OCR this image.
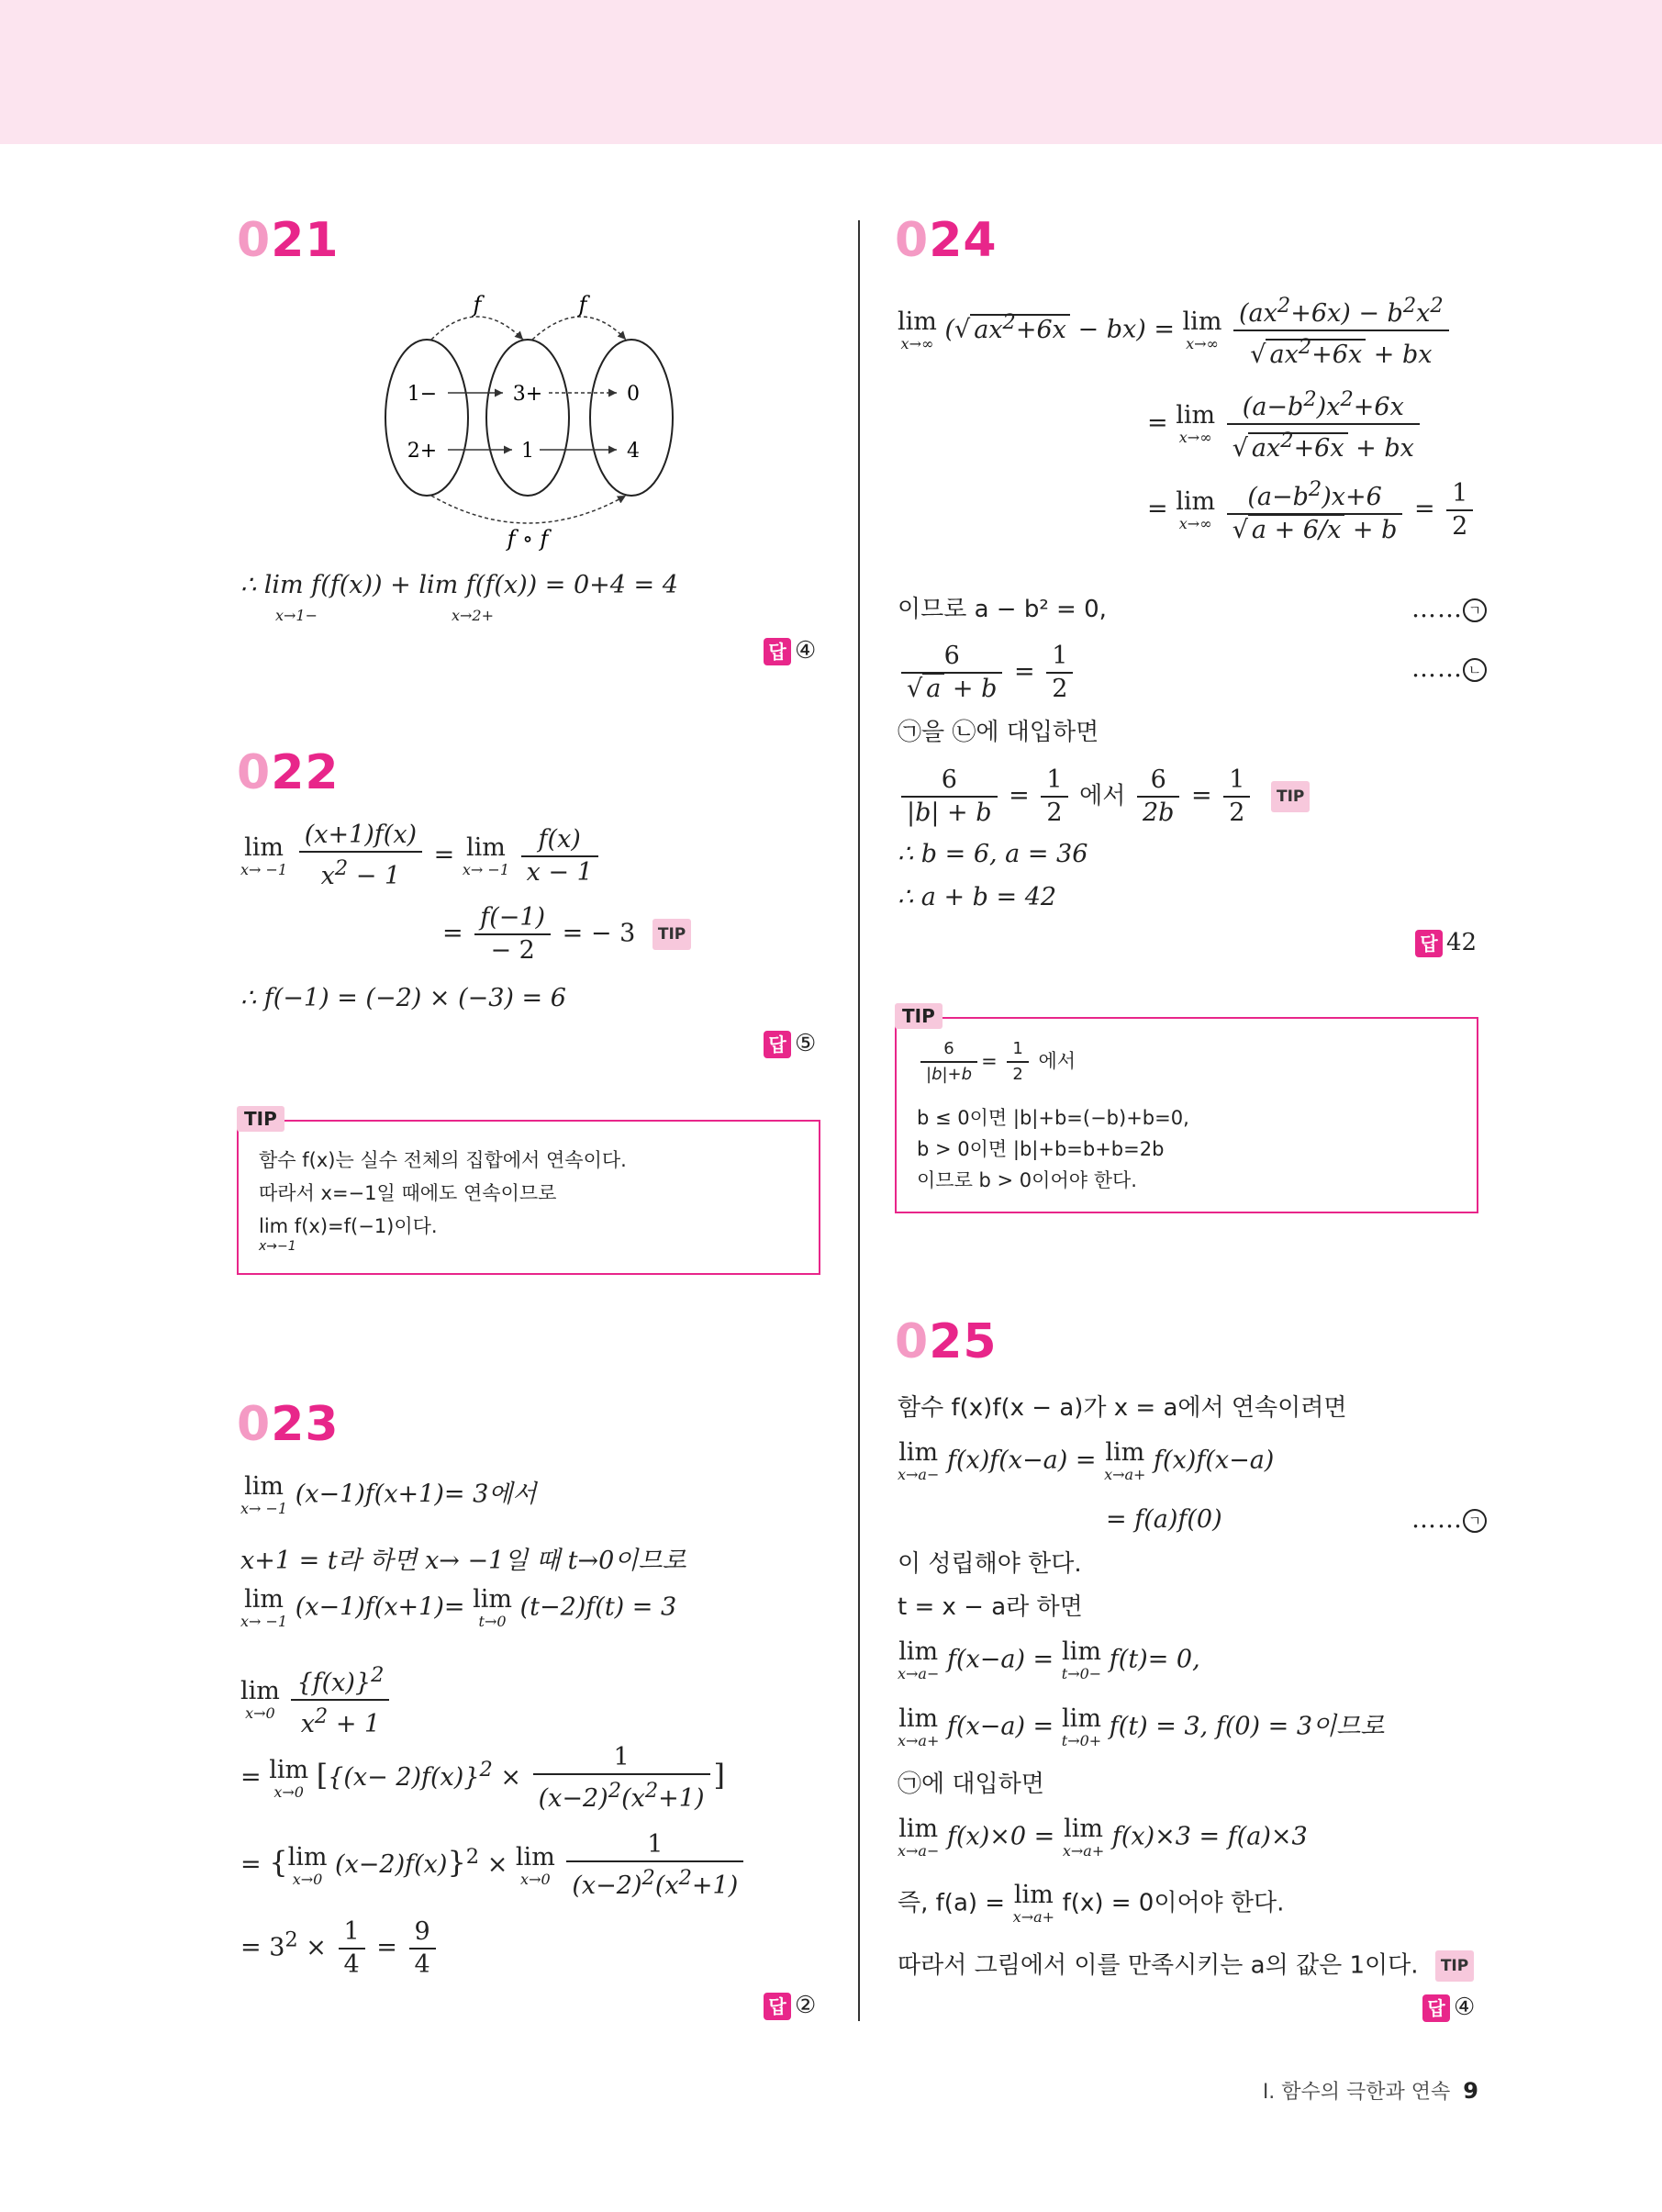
021
f	f
f ∘ f
1−
2+
3+
1
0
4
∴ lim f(f(x)) + lim f(f(x)) = 0+4 = 4
x→1−	x→2+
답 ④
022
lim
x→ −1
$\frac{(x+1)f(x)}{x^2 - 1} = \lim$
x→ −1
$\frac{f(x)}{x - 1}$
= $\frac{f(-1)}{- 2}$ = − 3 TIP
∴ f(−1) = (−2) × (−3) = 6
답 ⑤
TIP
함수 f(x)는 실수 전체의 집합에서 연속이다.
따라서 x=−1일 때에도 연속이므로
lim f(x)=f(−1)이다.
x→−1
023
lim
x→ −1 (x−1)f(x+1)= 3에서
x+1 = t라 하면 x→ −1일 때 t→0이므로
lim
x→ −1 (x−1)f(x+1)= lim
t→0 (t−2)f(t) = 3
lim
x→0
$\frac{\{f(x)\}^2}{x^2 + 1}$
= lim
x→0 [$\{(x- 2)f(x)\}^2 \times \frac{1}{(x-2)^2(x^2+1)}$ ]
= {lim
x→0 (x−2)f(x)}$^2$ × lim
x→0
$\frac{1}{(x-2)^2(x^2+1)}$
= $3^2 \times \frac{1}{4} = \frac{9}{4}$
답 ②
024
lim
x→∞ (√ $ax^2+6x - bx) = \lim$
x→∞
$\frac{(ax^2+6x) - b^2x^2}{√ ax^2+6x + bx}$
= lim
x→∞
$\frac{(a-b^2)x^2+6x}{√ ax^2+6x + bx}$
= lim
x→∞
$\frac{(a-b^2)x+6}{√ a + 6/x + b} = \frac{1}{2}$
이므로 a − b² = 0,	…… ㄱ
$\frac{6}{√ a + b} = \frac{1}{2}$	…… ㄴ
㉠을 ㉡에 대입하면
$\frac{6}{|b| + b} = \frac{1}{2}$ 에서 $\frac{6}{2b} = \frac{1}{2}$ TIP
∴ b = 6, a = 36
∴ a + b = 42
답 42
TIP
$\frac{6}{|b|+b} = \frac{1}{2}$ 에서
b ≤ 0이면 |b|+b=(−b)+b=0,
b > 0이면 |b|+b=b+b=2b
이므로 b > 0이어야 한다.
025
함수 f(x)f(x − a)가 x = a에서 연속이려면
lim
x→a− f(x)f(x−a) = lim
x→a+ f(x)f(x−a)
= f(a)f(0)	…… ㄱ
이 성립해야 한다.
t = x − a라 하면
lim
x→a− f(x−a) = lim
t→0− f(t)= 0,
lim
x→a+ f(x−a) = lim
t→0+ f(t) = 3, f(0) = 3이므로
㉠에 대입하면
lim
x→a− f(x)×0 = lim
x→a+ f(x)×3 = f(a)×3
즉, f(a) = lim
x→a+ f(x) = 0이어야 한다.
따라서 그림에서 이를 만족시키는 a의 값은 1이다. TIP
답 ④
Ⅰ. 함수의 극한과 연속 9
